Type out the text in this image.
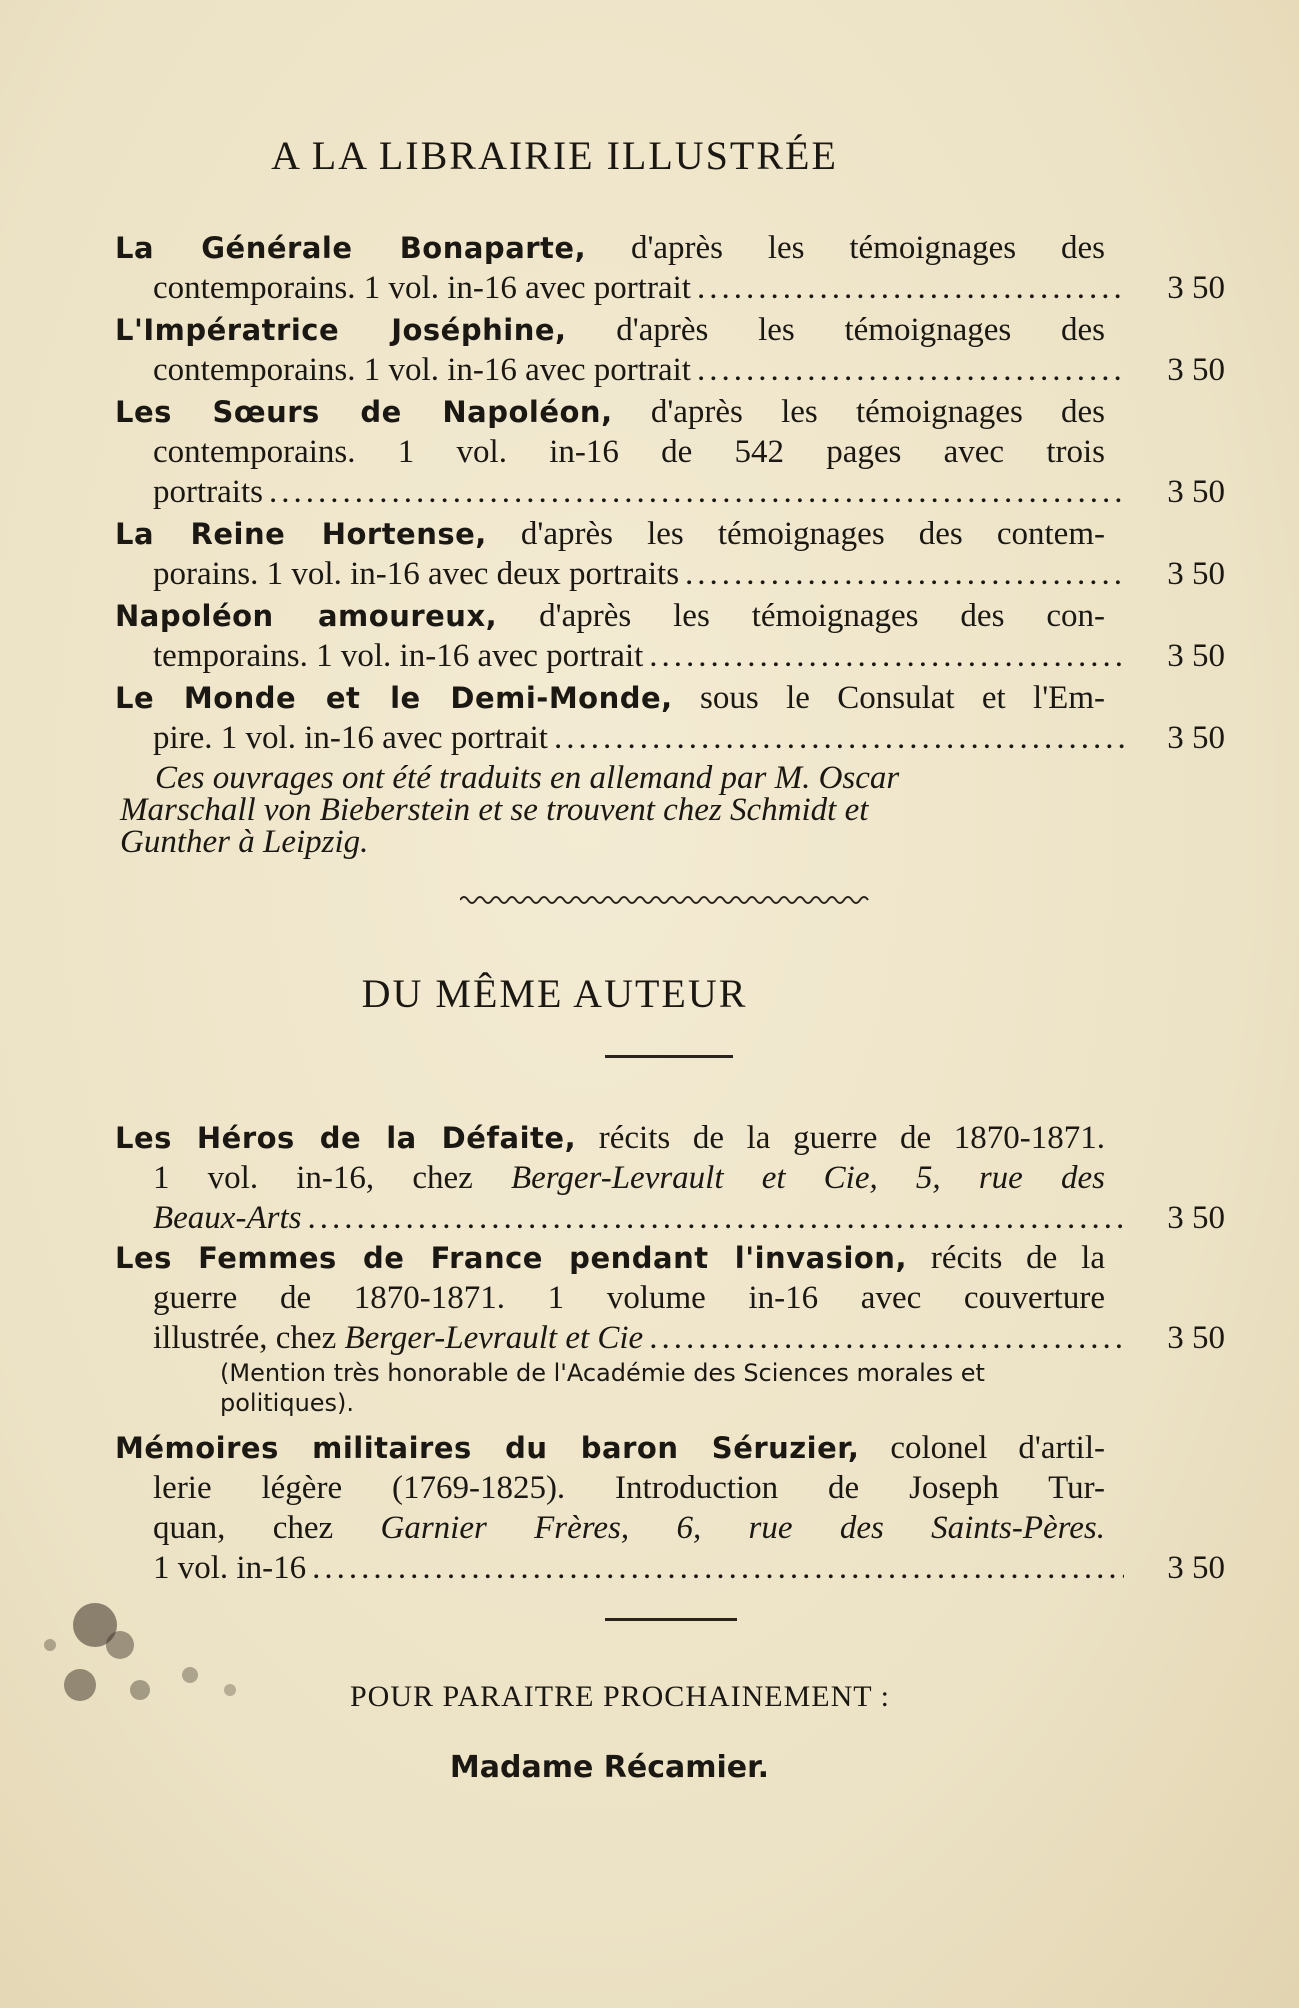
A LA LIBRAIRIE ILLUSTRÉE
La Générale Bonaparte, d'après les témoignages des
contemporains. 1 vol. in-16 avec portrait .....	3 50
L'Impératrice Joséphine, d'après les témoignages des
contemporains. 1 vol. in-16 avec portrait .....	3 50
Les Sœurs de Napoléon, d'après les témoignages des
contemporains. 1 vol. in-16 de 542 pages avec trois
portraits .....	3 50
La Reine Hortense, d'après les témoignages des contem-
porains. 1 vol. in-16 avec deux portraits .....	3 50
Napoléon amoureux, d'après les témoignages des con-
temporains. 1 vol. in-16 avec portrait .....	3 50
Le Monde et le Demi-Monde, sous le Consulat et l'Em-
pire. 1 vol. in-16 avec portrait .....	3 50
Ces ouvrages ont été traduits en allemand par M. Oscar
Marschall von Bieberstein et se trouvent chez Schmidt et
Gunther à Leipzig.
DU MÊME AUTEUR
Les Héros de la Défaite, récits de la guerre de 1870-1871.
1 vol. in-16, chez Berger-Levrault et Cie, 5, rue des
Beaux-Arts .....	3 50
Les Femmes de France pendant l'invasion, récits de la
guerre de 1870-1871. 1 volume in-16 avec couverture
illustrée, chez Berger-Levrault et Cie .....	3 50
(Mention très honorable de l'Académie des Sciences morales et politiques).
Mémoires militaires du baron Séruzier, colonel d'artil-
lerie légère (1769-1825). Introduction de Joseph Tur-
quan, chez Garnier Frères, 6, rue des Saints-Pères.
1 vol. in-16 .....	3 50
POUR PARAITRE PROCHAINEMENT :
Madame Récamier.
